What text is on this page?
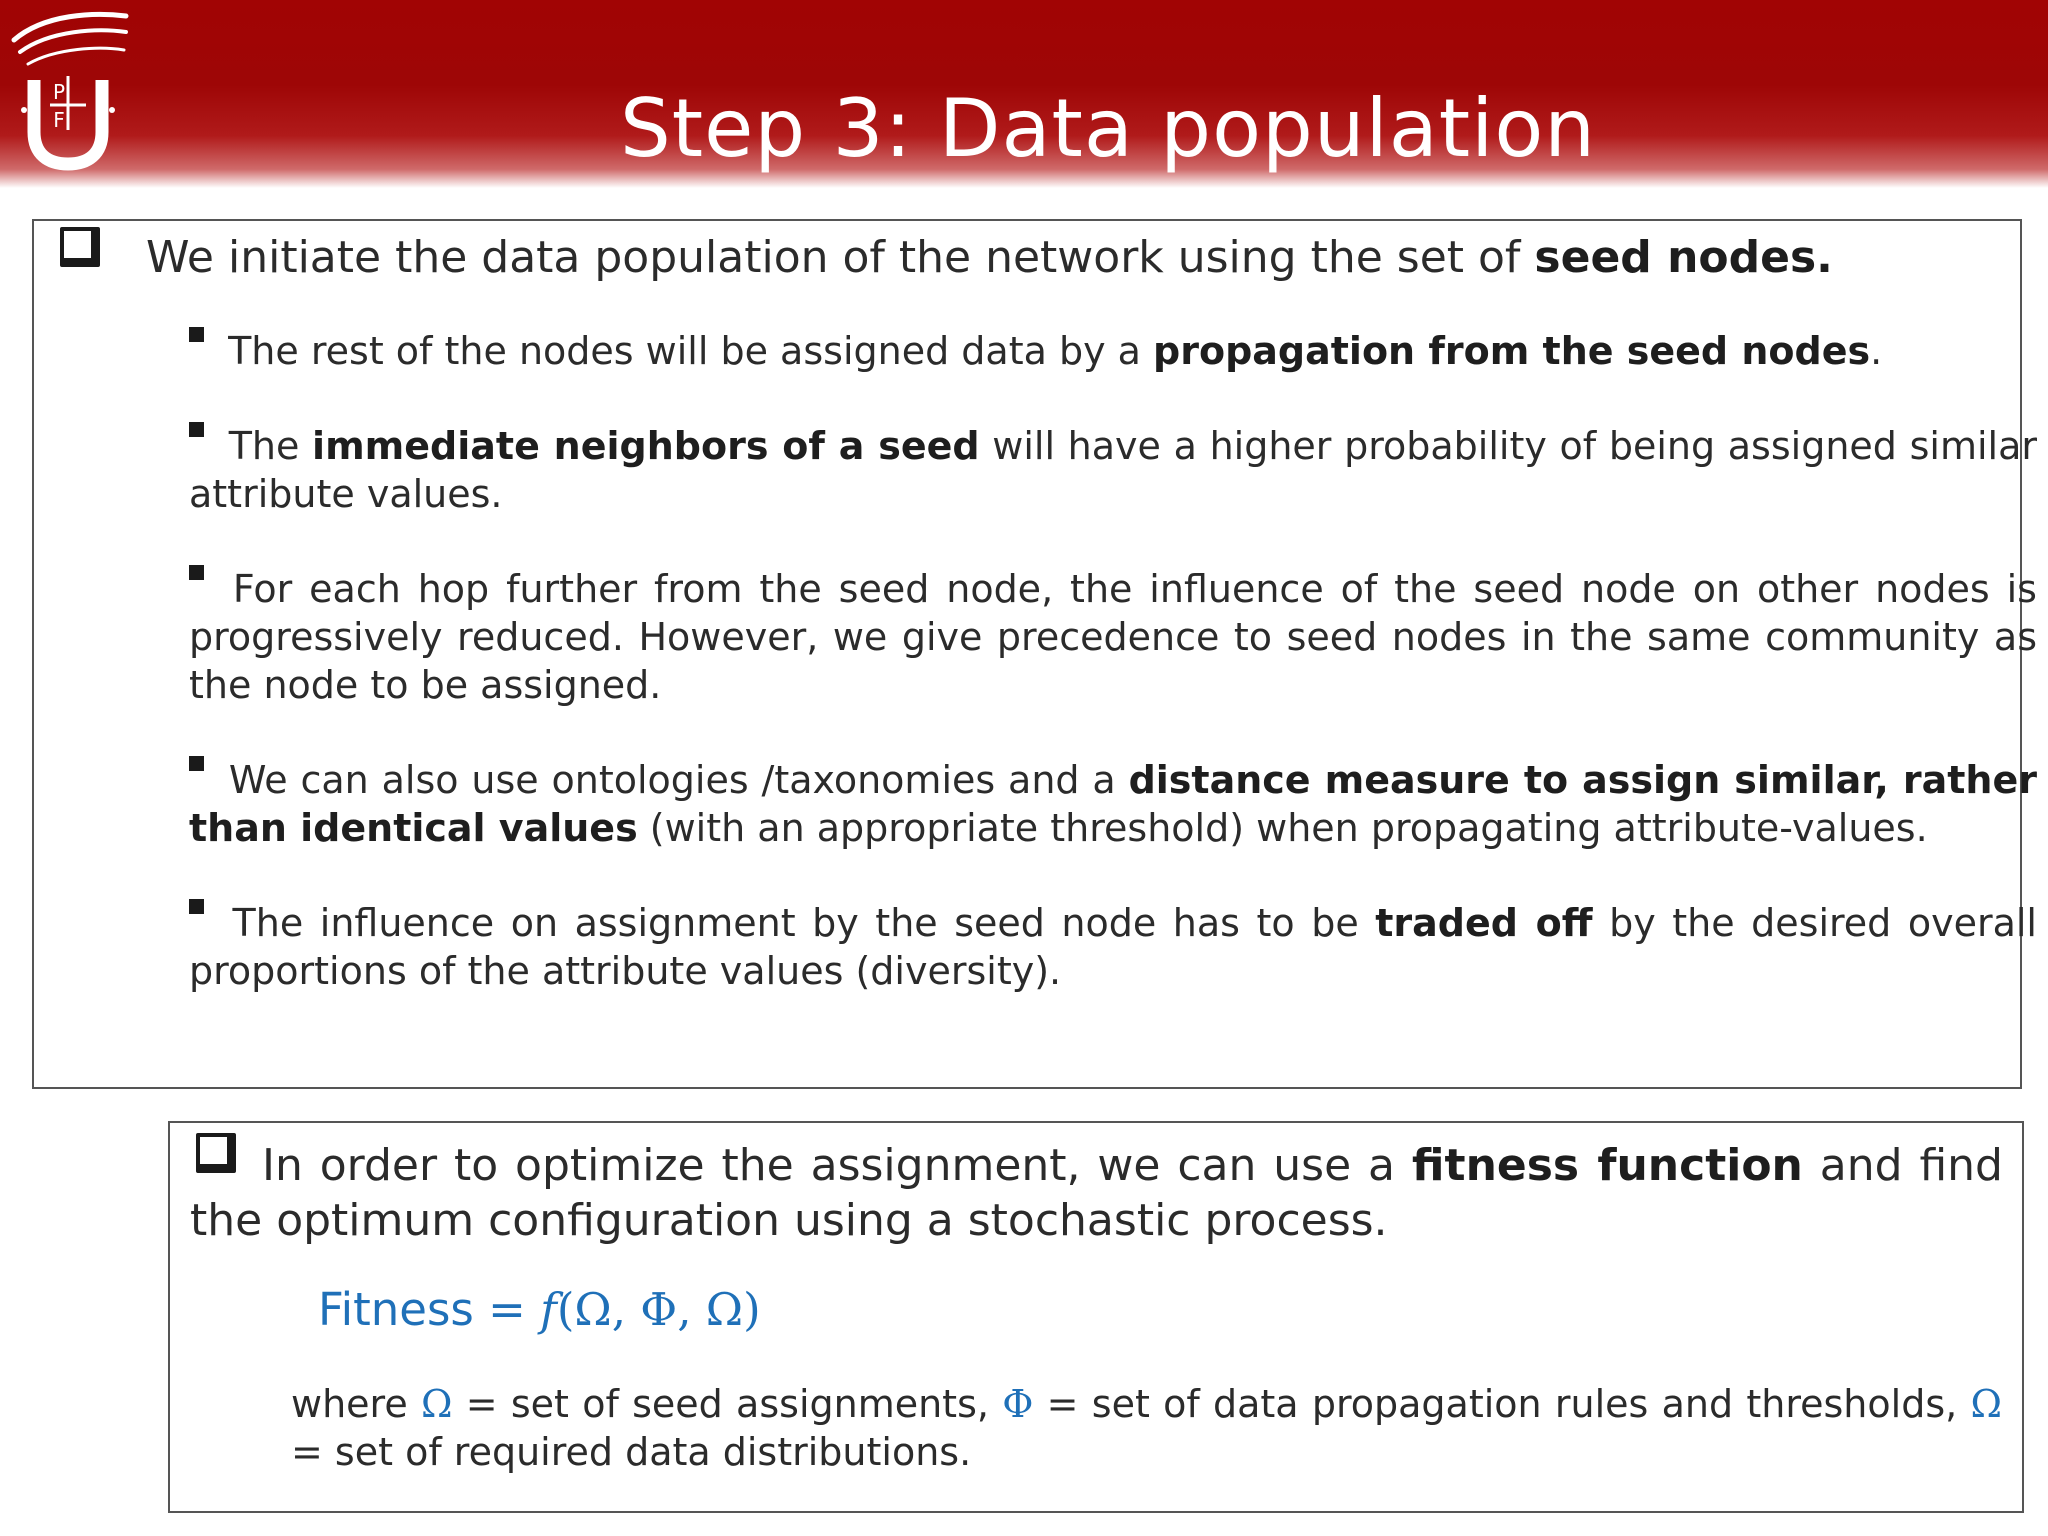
P
F	Step 3: Data population
We initiate the data population of the network using the set of seed nodes.
The rest of the nodes will be assigned data by a propagation from the seed nodes.
The immediate neighbors of a seed will have a higher probability of being assigned similar attribute values.
For each hop further from the seed node, the influence of the seed node on other nodes is progressively reduced. However, we give precedence to seed nodes in the same community as the node to be assigned.
We can also use ontologies /taxonomies and a distance measure to assign similar, rather than identical values (with an appropriate threshold) when propagating attribute-values.
The influence on assignment by the seed node has to be traded off by the desired overall proportions of the attribute values (diversity).
In order to optimize the assignment, we can use a fitness function and find the optimum configuration using a stochastic process.
Fitness = f(Ω, Φ, Ω)
where Ω = set of seed assignments, Φ = set of data propagation rules and thresholds, Ω = set of required data distributions.
